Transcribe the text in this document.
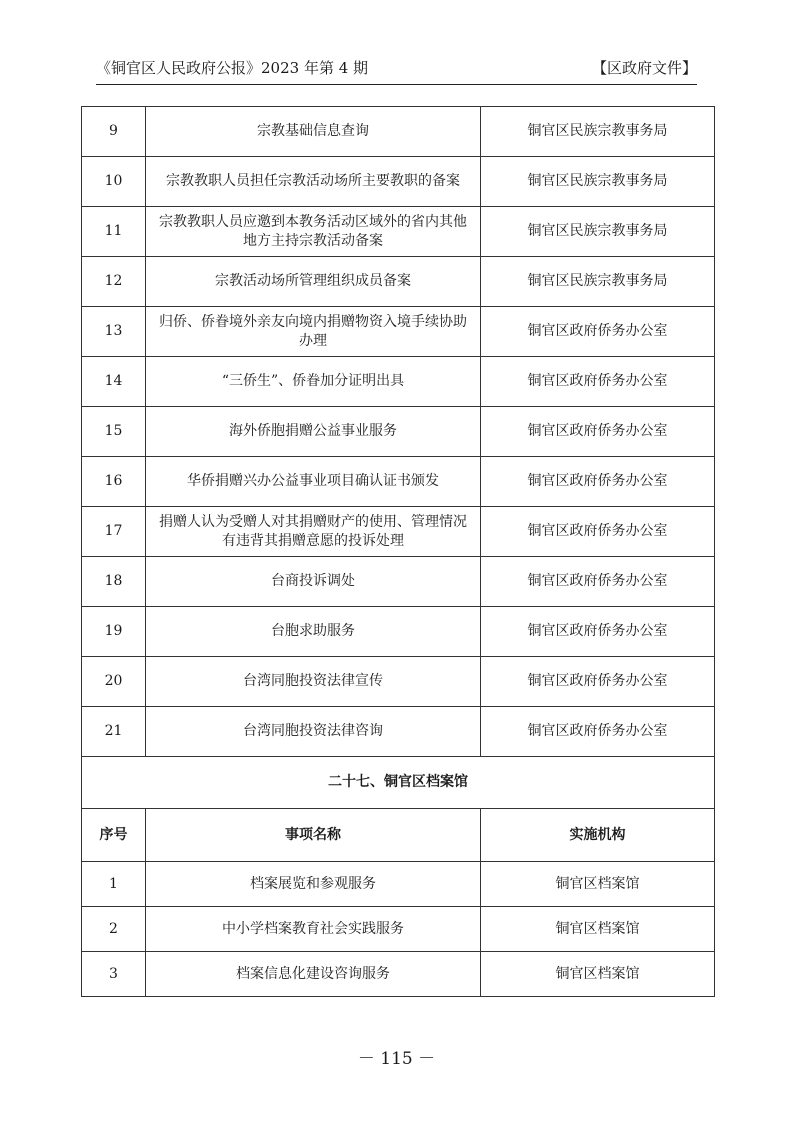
《铜官区人民政府公报》2023 年第 4 期	【区政府文件】
9	宗教基础信息查询	铜官区民族宗教事务局
10	宗教教职人员担任宗教活动场所主要教职的备案	铜官区民族宗教事务局
11	宗教教职人员应邀到本教务活动区域外的省内其他地方主持宗教活动备案	铜官区民族宗教事务局
12	宗教活动场所管理组织成员备案	铜官区民族宗教事务局
13	归侨、侨眷境外亲友向境内捐赠物资入境手续协助办理	铜官区政府侨务办公室
14	“三侨生”、侨眷加分证明出具	铜官区政府侨务办公室
15	海外侨胞捐赠公益事业服务	铜官区政府侨务办公室
16	华侨捐赠兴办公益事业项目确认证书颁发	铜官区政府侨务办公室
17	捐赠人认为受赠人对其捐赠财产的使用、管理情况有违背其捐赠意愿的投诉处理	铜官区政府侨务办公室
18	台商投诉调处	铜官区政府侨务办公室
19	台胞求助服务	铜官区政府侨务办公室
20	台湾同胞投资法律宣传	铜官区政府侨务办公室
21	台湾同胞投资法律咨询	铜官区政府侨务办公室
二十七、铜官区档案馆		
序号	事项名称	实施机构
1	档案展览和参观服务	铜官区档案馆
2	中小学档案教育社会实践服务	铜官区档案馆
3	档案信息化建设咨询服务	铜官区档案馆
－ 115 －
